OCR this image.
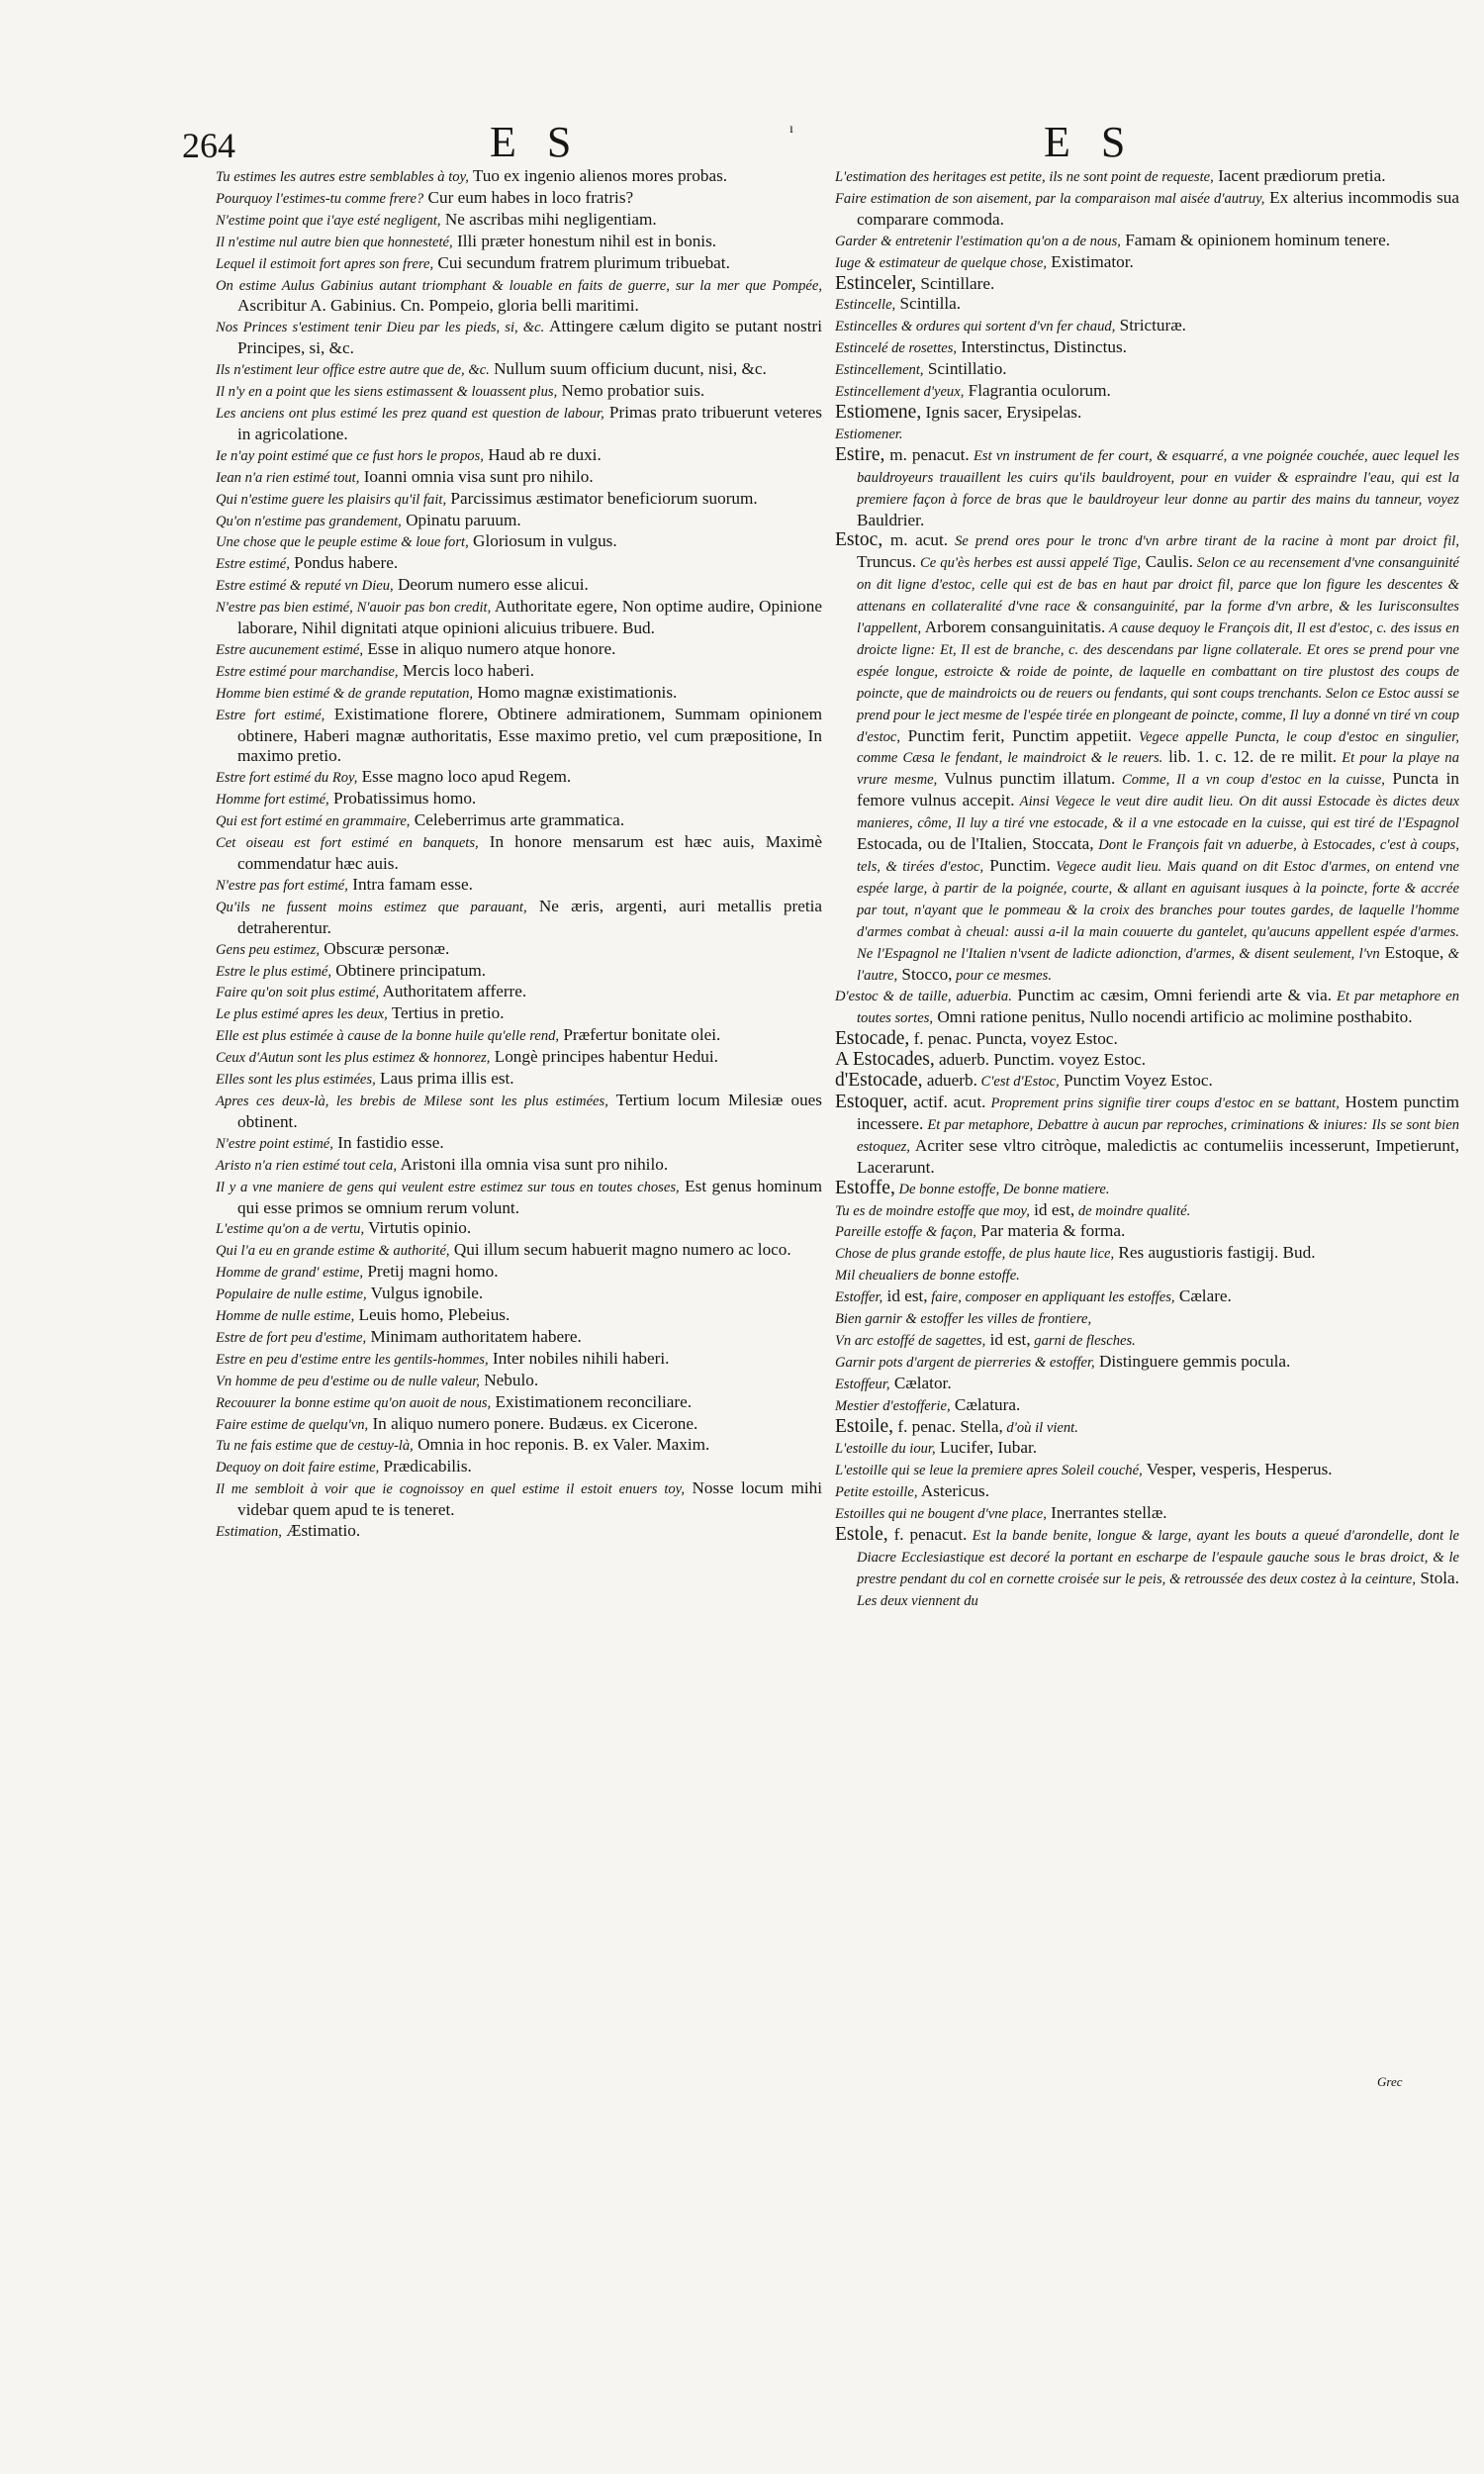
264	E S	E S

Tu estimes les autres estre semblables à toy, Tuo ex ingenio alienos mores probas.

Pourquoy l'estimes-tu comme frere? Cur eum habes in loco fratris?

N'estime point que i'aye esté negligent, Ne ascribas mihi negligentiam.

Il n'estime nul autre bien que honnesteté, Illi præter honestum nihil est in bonis.

Lequel il estimoit fort apres son frere, Cui secundum fratrem plurimum tribuebat.

On estime Aulus Gabinius autant triomphant & louable en faits de guerre, sur la mer que Pompée, Ascribitur A. Gabinius. Cn. Pompeio, gloria belli maritimi.

Nos Princes s'estiment tenir Dieu par les pieds, si, &c. Attingere cælum digito se putant nostri Principes, si, &c.

Ils n'estiment leur office estre autre que de, &c. Nullum suum officium ducunt, nisi, &c.

Il n'y en a point que les siens estimassent & louassent plus, Nemo probatior suis.

Les anciens ont plus estimé les prez quand est question de labour, Primas prato tribuerunt veteres in agricolatione.

Ie n'ay point estimé que ce fust hors le propos, Haud ab re duxi.

Iean n'a rien estimé tout, Ioanni omnia visa sunt pro nihilo.

Qui n'estime guere les plaisirs qu'il fait, Parcissimus æstimator beneficiorum suorum.

Qu'on n'estime pas grandement, Opinatu paruum.

Une chose que le peuple estime & loue fort, Gloriosum in vulgus.

Estre estimé, Pondus habere.

Estre estimé & reputé vn Dieu, Deorum numero esse alicui.

N'estre pas bien estimé, N'auoir pas bon credit, Authoritate egere, Non optime audire, Opinione laborare, Nihil dignitati atque opinioni alicuius tribuere. Bud.

Estre aucunement estimé, Esse in aliquo numero atque honore.

Estre estimé pour marchandise, Mercis loco haberi.

Homme bien estimé & de grande reputation, Homo magnæ existimationis.

Estre fort estimé, Existimatione florere, Obtinere admirationem, Summam opinionem obtinere, Haberi magnæ authoritatis, Esse maximo pretio, vel cum præpositione, In maximo pretio.

Estre fort estimé du Roy, Esse magno loco apud Regem.

Homme fort estimé, Probatissimus homo.

Qui est fort estimé en grammaire, Celeberrimus arte grammatica.

Cet oiseau est fort estimé en banquets, In honore mensarum est hæc auis, Maximè commendatur hæc auis.

N'estre pas fort estimé, Intra famam esse.

Qu'ils ne fussent moins estimez que parauant, Ne æris, argenti, auri metallis pretia detraherentur.

Gens peu estimez, Obscuræ personæ.

Estre le plus estimé, Obtinere principatum.

Faire qu'on soit plus estimé, Authoritatem afferre.

Le plus estimé apres les deux, Tertius in pretio.

Elle est plus estimée à cause de la bonne huile qu'elle rend, Præfertur bonitate olei.

Ceux d'Autun sont les plus estimez & honnorez, Longè principes habentur Hedui.

Elles sont les plus estimées, Laus prima illis est.

Apres ces deux-là, les brebis de Milese sont les plus estimées, Tertium locum Milesiæ oues obtinent.

N'estre point estimé, In fastidio esse.

Aristo n'a rien estimé tout cela, Aristoni illa omnia visa sunt pro nihilo.

Il y a vne maniere de gens qui veulent estre estimez sur tous en toutes choses, Est genus hominum qui esse primos se omnium rerum volunt.

L'estime qu'on a de vertu, Virtutis opinio.

Qui l'a eu en grande estime & authorité, Qui illum secum habuerit magno numero ac loco.

Homme de grand' estime, Pretij magni homo.

Populaire de nulle estime, Vulgus ignobile.

Homme de nulle estime, Leuis homo, Plebeius.

Estre de fort peu d'estime, Minimam authoritatem habere.

Estre en peu d'estime entre les gentils-hommes, Inter nobiles nihili haberi.

Vn homme de peu d'estime ou de nulle valeur, Nebulo.

Recouurer la bonne estime qu'on auoit de nous, Existimationem reconciliare.

Faire estime de quelqu'vn, In aliquo numero ponere. Budæus. ex Cicerone.

Tu ne fais estime que de cestuy-là, Omnia in hoc reponis. B. ex Valer. Maxim.

Dequoy on doit faire estime, Prædicabilis.

Il me sembloit à voir que ie cognoissoy en quel estime il estoit enuers toy, Nosse locum mihi videbar quem apud te is teneret.

Estimation, Æstimatio.

L'estimation des heritages est petite, ils ne sont point de requeste, Iacent prædiorum pretia.

Faire estimation de son aisement, par la comparaison mal aisée d'autruy, Ex alterius incommodis sua comparare commoda.

Garder & entretenir l'estimation qu'on a de nous, Famam & opinionem hominum tenere.

Iuge & estimateur de quelque chose, Existimator.

Estinceler, Scintillare.

Estincelle, Scintilla.

Estincelles & ordures qui sortent d'vn fer chaud, Stricturæ.

Estincelé de rosettes, Interstinctus, Distinctus.

Estincellement, Scintillatio.

Estincellement d'yeux, Flagrantia oculorum.

Estiomene, Ignis sacer, Erysipelas.

Estiomener.

Estire, m. penacut. Est vn instrument de fer court, & esquarré, a vne poignée couchée, auec lequel les bauldroyeurs trauaillent les cuirs qu'ils bauldroyent, pour en vuider & espraindre l'eau, qui est la premiere façon à force de bras que le bauldroyeur leur donne au partir des mains du tanneur, voyez Bauldrier.

Estoc, m. acut. Se prend ores pour le tronc d'vn arbre tirant de la racine à mont par droict fil, Truncus. Ce qu'ès herbes est aussi appelé Tige, Caulis. Selon ce au recensement d'vne consanguinité on dit ligne d'estoc, celle qui est de bas en haut par droict fil, parce que lon figure les descentes & attenans en collateralité d'vne race & consanguinité, par la forme d'vn arbre, & les Iurisconsultes l'appellent, Arborem consanguinitatis. A cause dequoy le François dit, Il est d'estoc, c. des issus en droicte ligne: Et, Il est de branche, c. des descendans par ligne collaterale. Et ores se prend pour vne espée longue, estroicte & roide de pointe, de laquelle en combattant on tire plustost des coups de poincte, que de maindroicts ou de reuers ou fendants, qui sont coups trenchants. Selon ce Estoc aussi se prend pour le ject mesme de l'espée tirée en plongeant de poincte, comme, Il luy a donné vn tiré vn coup d'estoc, Punctim ferit, Punctim appetiit. Vegece appelle Puncta, le coup d'estoc en singulier, comme Cæsa le fendant, le maindroict & le reuers. lib. 1. c. 12. de re milit. Et pour la playe na vrure mesme, Vulnus punctim illatum. Comme, Il a vn coup d'estoc en la cuisse, Puncta in femore vulnus accepit. Ainsi Vegece le veut dire audit lieu. On dit aussi Estocade ès dictes deux manieres, côme, Il luy a tiré vne estocade, & il a vne estocade en la cuisse, qui est tiré de l'Espagnol Estocada, ou de l'Italien, Stoccata, Dont le François fait vn aduerbe, à Estocades, c'est à coups, tels, & tirées d'estoc, Punctim. Vegece audit lieu. Mais quand on dit Estoc d'armes, on entend vne espée large, à partir de la poignée, courte, & allant en aguisant iusques à la poincte, forte & accrée par tout, n'ayant que le pommeau & la croix des branches pour toutes gardes, de laquelle l'homme d'armes combat à cheual: aussi a-il la main couuerte du gantelet, qu'aucuns appellent espée d'armes. Ne l'Espagnol ne l'Italien n'vsent de ladicte adionction, d'armes, & disent seulement, l'vn Estoque, & l'autre, Stocco, pour ce mesmes.

D'estoc & de taille, aduerbia. Punctim ac cæsim, Omni feriendi arte & via. Et par metaphore en toutes sortes, Omni ratione penitus, Nullo nocendi artificio ac molimine posthabito.

Estocade, f. penac. Puncta, voyez Estoc.

A Estocades, aduerb. Punctim. voyez Estoc.

d'Estocade, aduerb. C'est d'Estoc, Punctim Voyez Estoc.

Estoquer, actif. acut. Proprement prins signifie tirer coups d'estoc en se battant, Hostem punctim incessere. Et par metaphore, Debattre à aucun par reproches, criminations & iniures: Ils se sont bien estoquez, Acriter sese vltro citròque, maledictis ac contumeliis incesserunt, Impetierunt, Lacerarunt.

Estoffe, De bonne estoffe, De bonne matiere.

Tu es de moindre estoffe que moy, id est, de moindre qualité.

Pareille estoffe & façon, Par materia & forma.

Chose de plus grande estoffe, de plus haute lice, Res augustioris fastigij. Bud.

Mil cheualiers de bonne estoffe.

Estoffer, id est, faire, composer en appliquant les estoffes, Cælare.

Bien garnir & estoffer les villes de frontiere,

Vn arc estoffé de sagettes, id est, garni de flesches.

Garnir pots d'argent de pierreries & estoffer, Distinguere gemmis pocula.

Estoffeur, Cælator.

Mestier d'estofferie, Cælatura.

Estoile, f. penac. Stella, d'où il vient.

L'estoille du iour, Lucifer, Iubar.

L'estoille qui se leue la premiere apres Soleil couché, Vesper, vesperis, Hesperus.

Petite estoille, Astericus.

Estoilles qui ne bougent d'vne place, Inerrantes stellæ.

Estole, f. penacut. Est la bande benite, longue & large, ayant les bouts a queué d'arondelle, dont le Diacre Ecclesiastique est decoré la portant en escharpe de l'espaule gauche sous le bras droict, & le prestre pendant du col en cornette croisée sur le peis, & retroussée des deux costez à la ceinture, Stola. Les deux viennent du

ı
Grec
